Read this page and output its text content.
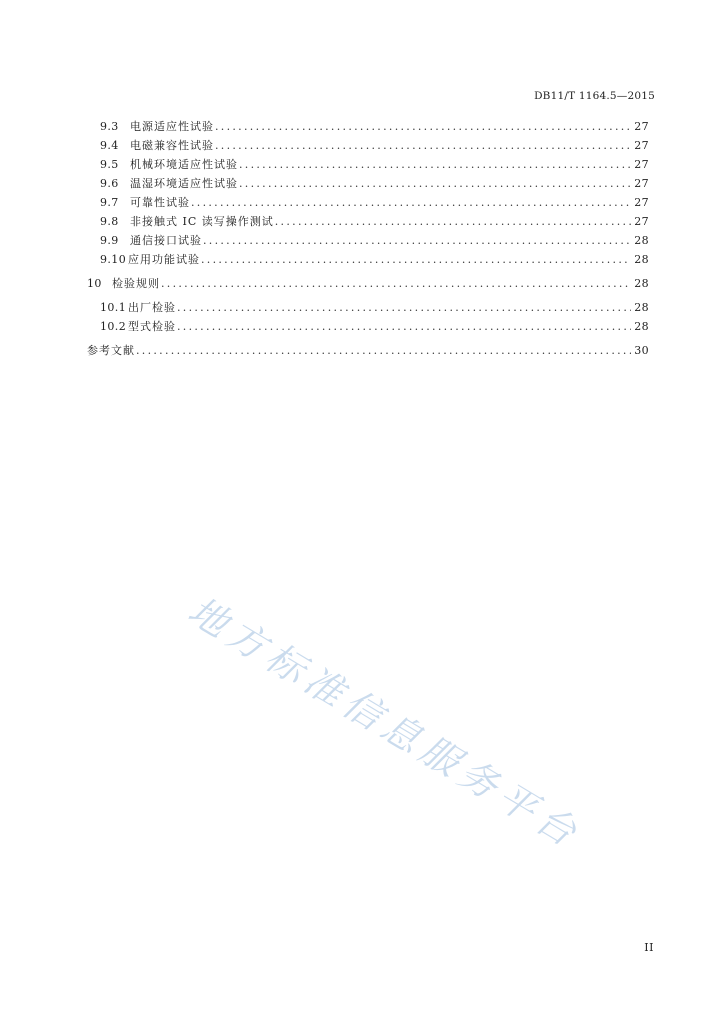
DB11/T 1164.5—2015
9.3	电源适应性试验 .....	27
9.4	电磁兼容性试验 .....	27
9.5	机械环境适应性试验 .....	27
9.6	温湿环境适应性试验 .....	27
9.7	可靠性试验 .....	27
9.8	非接触式 IC 读写操作测试 .....	27
9.9	通信接口试验 .....	28
9.10 应用功能试验 .....	28
10 检验规则 .....	28
10.1 出厂检验 .....	28
10.2 型式检验 .....	28
参考文献 .....	30
地方标准信息服务平台
II
